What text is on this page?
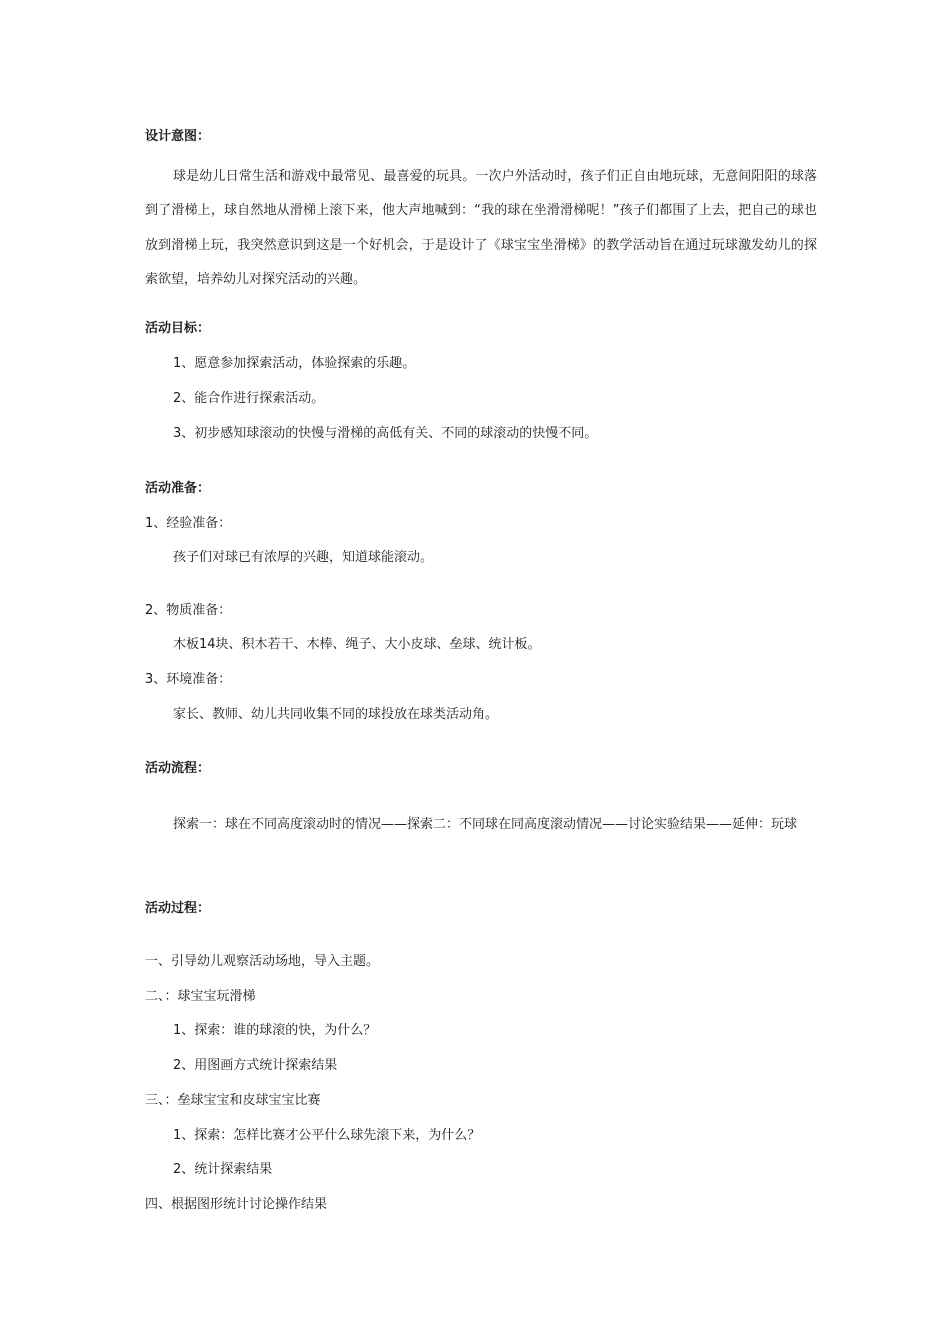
设计意图：
球是幼儿日常生活和游戏中最常见、最喜爱的玩具。一次户外活动时，孩子们正自由地玩球，无意间阳阳的球落到了滑梯上，球自然地从滑梯上滚下来，他大声地喊到：“我的球在坐滑滑梯呢！”孩子们都围了上去，把自己的球也放到滑梯上玩，我突然意识到这是一个好机会，于是设计了《球宝宝坐滑梯》的教学活动旨在通过玩球激发幼儿的探索欲望，培养幼儿对探究活动的兴趣。
活动目标：
1、愿意参加探索活动，体验探索的乐趣。
2、能合作进行探索活动。
3、初步感知球滚动的快慢与滑梯的高低有关、不同的球滚动的快慢不同。
活动准备：
1、经验准备：
孩子们对球已有浓厚的兴趣，知道球能滚动。
2、物质准备：
木板14块、积木若干、木棒、绳子、大小皮球、垒球、统计板。
3、环境准备：
家长、教师、幼儿共同收集不同的球投放在球类活动角。
活动流程：
探索一：球在不同高度滚动时的情况——探索二：不同球在同高度滚动情况——讨论实验结果——延伸：玩球
活动过程：
一、引导幼儿观察活动场地，导入主题。
二、：球宝宝玩滑梯
1、探索：谁的球滚的快，为什么？
2、用图画方式统计探索结果
三、：垒球宝宝和皮球宝宝比赛
1、探索：怎样比赛才公平什么球先滚下来，为什么？
2、统计探索结果
四、根据图形统计讨论操作结果
